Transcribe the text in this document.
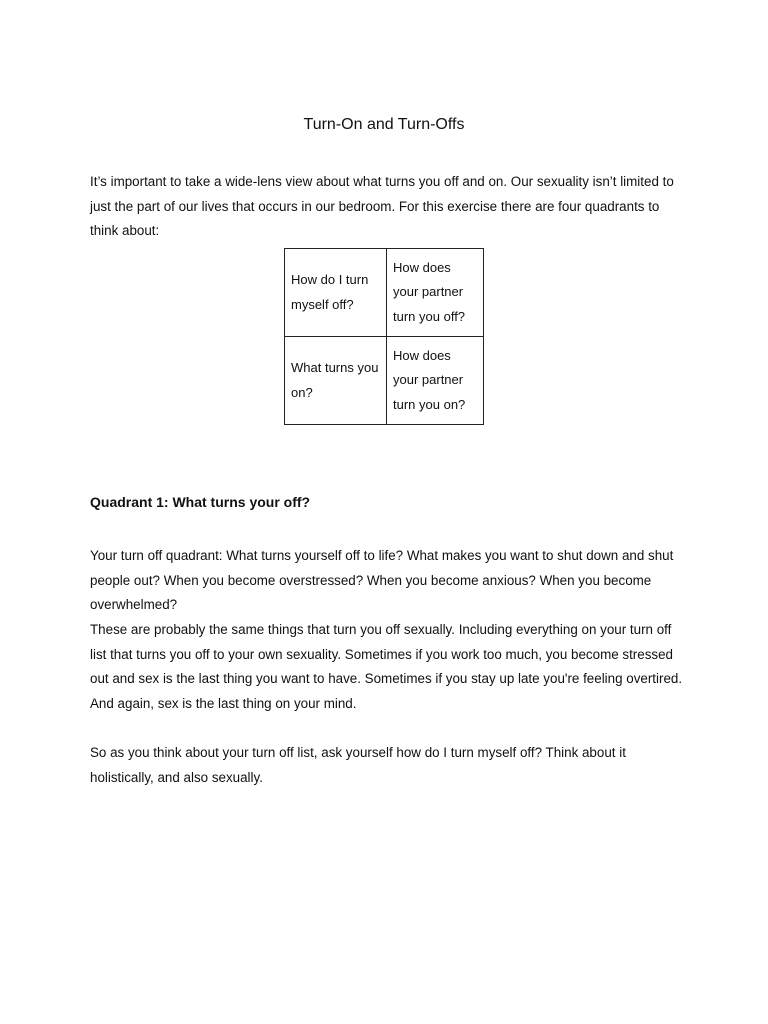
Turn-On and Turn-Offs

It’s important to take a wide-lens view about what turns you off and on. Our sexuality isn’t limited to just the part of our lives that occurs in our bedroom. For this exercise there are four quadrants to think about:

How do I turn myself off?	How does your partner turn you off?

What turns you on?	How does your partner turn you on?
Quadrant 1: What turns your off?

Your turn off quadrant: What turns yourself off to life? What makes you want to shut down and shut people out? When you become overstressed? When you become anxious? When you become overwhelmed?

These are probably the same things that turn you off sexually. Including everything on your turn off list that turns you off to your own sexuality. Sometimes if you work too much, you become stressed out and sex is the last thing you want to have. Sometimes if you stay up late you're feeling overtired. And again, sex is the last thing on your mind.

So as you think about your turn off list, ask yourself how do I turn myself off? Think about it holistically, and also sexually.
